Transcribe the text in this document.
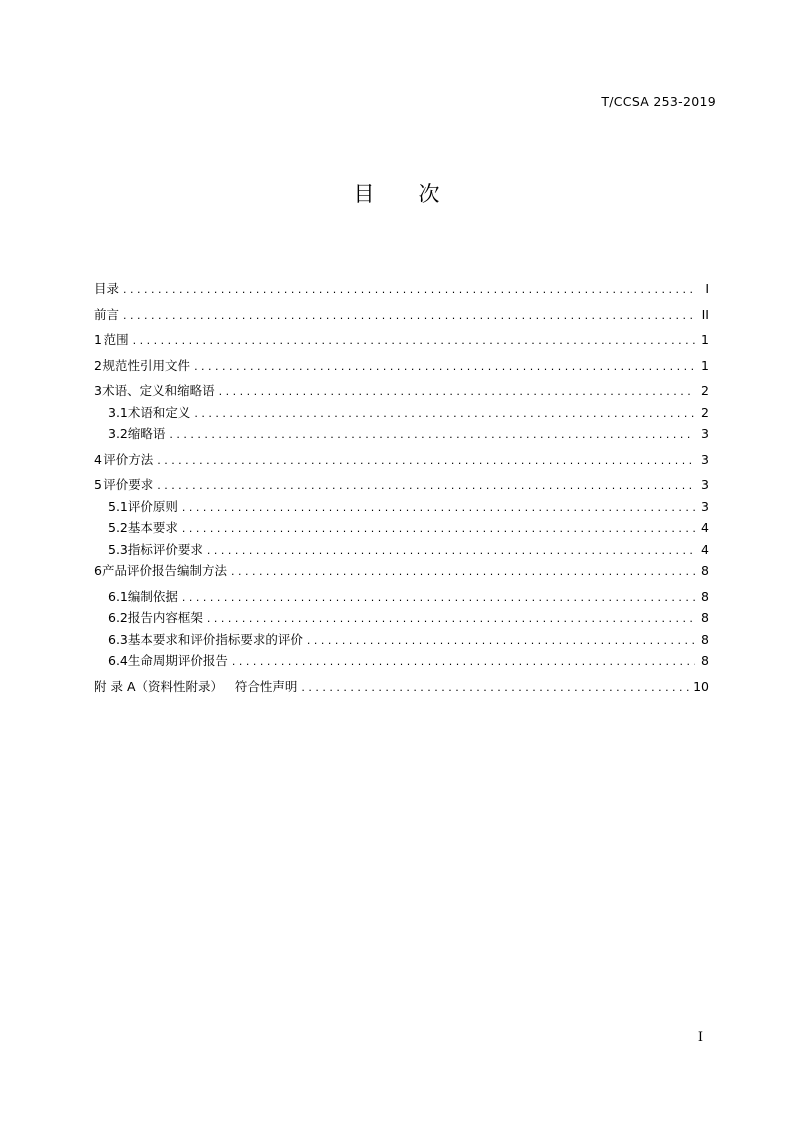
T/CCSA 253-2019
目 次
目录 . . .	I
前言 . . .	II
1 范围 . . .	1
2 规范性引用文件 . . .	1
3 术语、定义和缩略语 . . .	2
3.1 术语和定义 . . .	2
3.2 缩略语 . . .	3
4 评价方法 . . .	3
5 评价要求 . . .	3
5.1 评价原则 . . .	3
5.2 基本要求 . . .	4
5.3 指标评价要求 . . .	4
6 产品评价报告编制方法 . . .	8
6.1 编制依据 . . .	8
6.2 报告内容框架 . . .	8
6.3 基本要求和评价指标要求的评价 . . .	8
6.4 生命周期评价报告 . . .	8
附 录 A（资料性附录）   符合性声明 . . .	10
I
